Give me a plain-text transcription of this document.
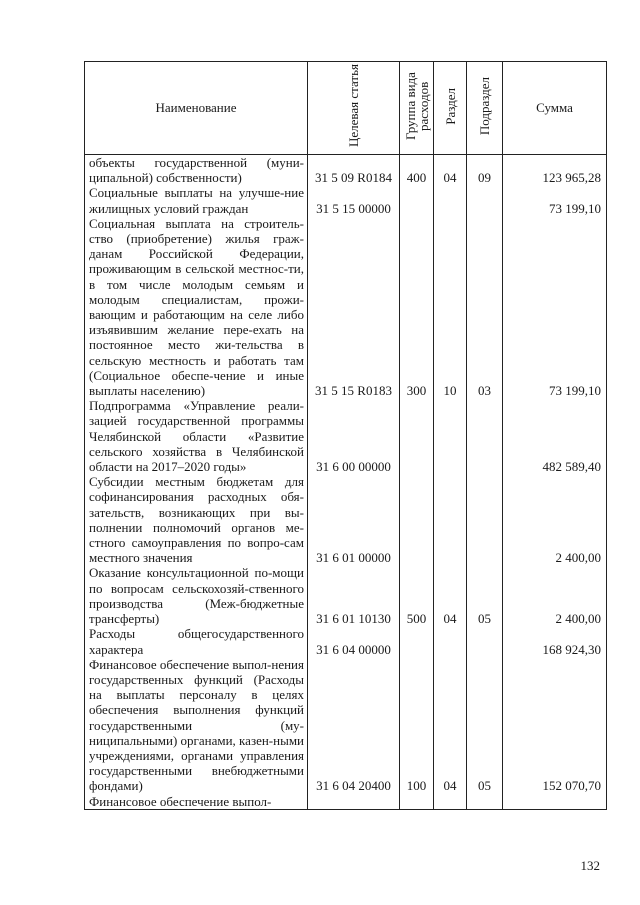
Наименование	Целевая статья	Группа вида расходов	Раздел	Подраздел	Сумма
объекты государственной (муни-ципальной) собственности)	31 5 09 R0184	400	04	09	123 965,28
Социальные выплаты на улучше-ние жилищных условий граждан	31 5 15 00000				73 199,10
Социальная выплата на строитель-ство (приобретение) жилья граж-данам Российской Федерации, проживающим в сельской местнос-ти, в том числе молодым семьям и молодым специалистам, прожи-вающим и работающим на селе либо изъявившим желание пере-ехать на постоянное место жи-тельства в сельскую местность и работать там (Социальное обеспе-чение и иные выплаты населению)	31 5 15 R0183	300	10	03	73 199,10
Подпрограмма «Управление реали-зацией государственной программы Челябинской области «Развитие сельского хозяйства в Челябинской области на 2017–2020 годы»	31 6 00 00000				482 589,40
Субсидии местным бюджетам для софинансирования расходных обя-зательств, возникающих при вы-полнении полномочий органов ме-стного самоуправления по вопро-сам местного значения	31 6 01 00000				2 400,00
Оказание консультационной по-мощи по вопросам сельскохозяй-ственного производства (Меж-бюджетные трансферты)	31 6 01 10130	500	04	05	2 400,00
Расходы общегосударственного характера	31 6 04 00000				168 924,30
Финансовое обеспечение выпол-нения государственных функций (Расходы на выплаты персоналу в целях обеспечения выполнения функций государственными (му-ниципальными) органами, казен-ными учреждениями, органами управления государственными внебюджетными фондами)	31 6 04 20400	100	04	05	152 070,70
Финансовое обеспечение выпол-					
132
